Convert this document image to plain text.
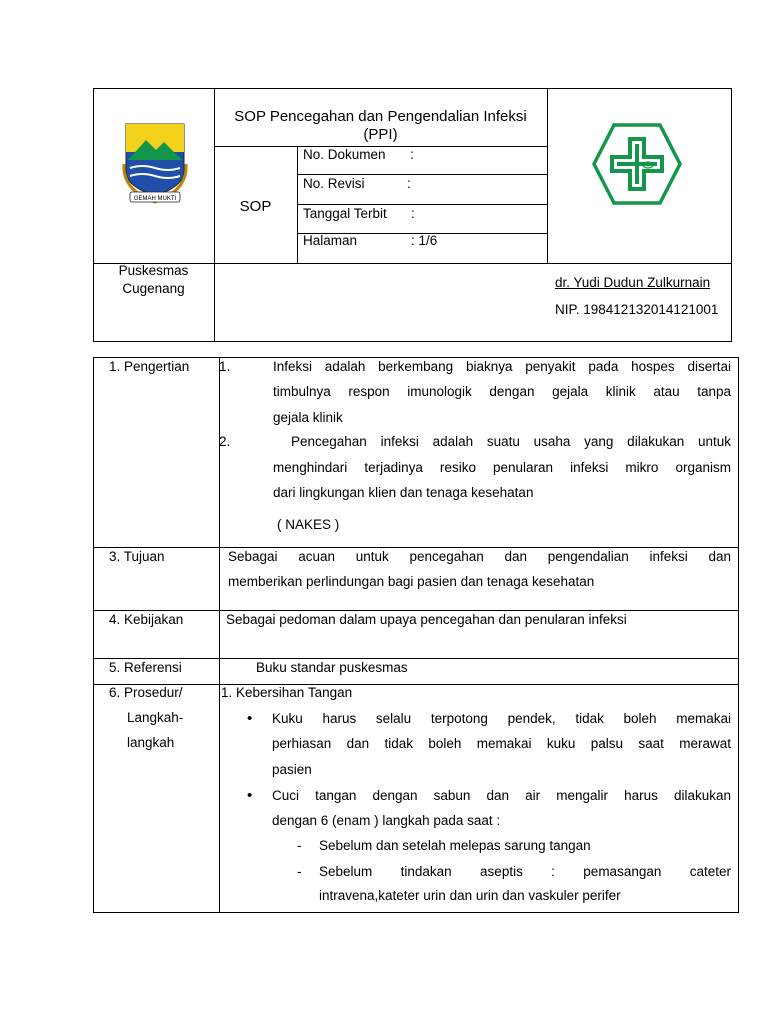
GEMAH MUKTI
SOP Pencegahan dan Pengendalian Infeksi
(PPI)
SOP
No. Dokumen :
No. Revisi	:
Tanggal Terbit :
Halaman	: 1/6
Puskesmas
Cugenang	dr. Yudi Dudun Zulkurnain
NIP. 198412132014121001
1. Pengertian 1.	Infeksi adalah berkembang biaknya penyakit pada hospes disertai
timbulnya respon imunologik dengan gejala klinik atau tanpa
gejala klinik
2.	Pencegahan infeksi adalah suatu usaha yang dilakukan untuk
menghindari terjadinya resiko penularan infeksi mikro organism
dari lingkungan klien dan tenaga kesehatan
( NAKES )
3. Tujuan	Sebagai acuan untuk pencegahan dan pengendalian infeksi dan
memberikan perlindungan bagi pasien dan tenaga kesehatan
4. Kebijakan	Sebagai pedoman dalam upaya pencegahan dan penularan infeksi
5. Referensi	Buku standar puskesmas
6. Prosedur/
Langkah-
langkah
1. Kebersihan Tangan
• Kuku harus selalu terpotong pendek, tidak boleh memakai
perhiasan dan tidak boleh memakai kuku palsu saat merawat
pasien
• Cuci tangan dengan sabun dan air mengalir harus dilakukan
dengan 6 (enam ) langkah pada saat :
- Sebelum dan setelah melepas sarung tangan
- Sebelum tindakan aseptis : pemasangan cateter
intravena,kateter urin dan urin dan vaskuler perifer
